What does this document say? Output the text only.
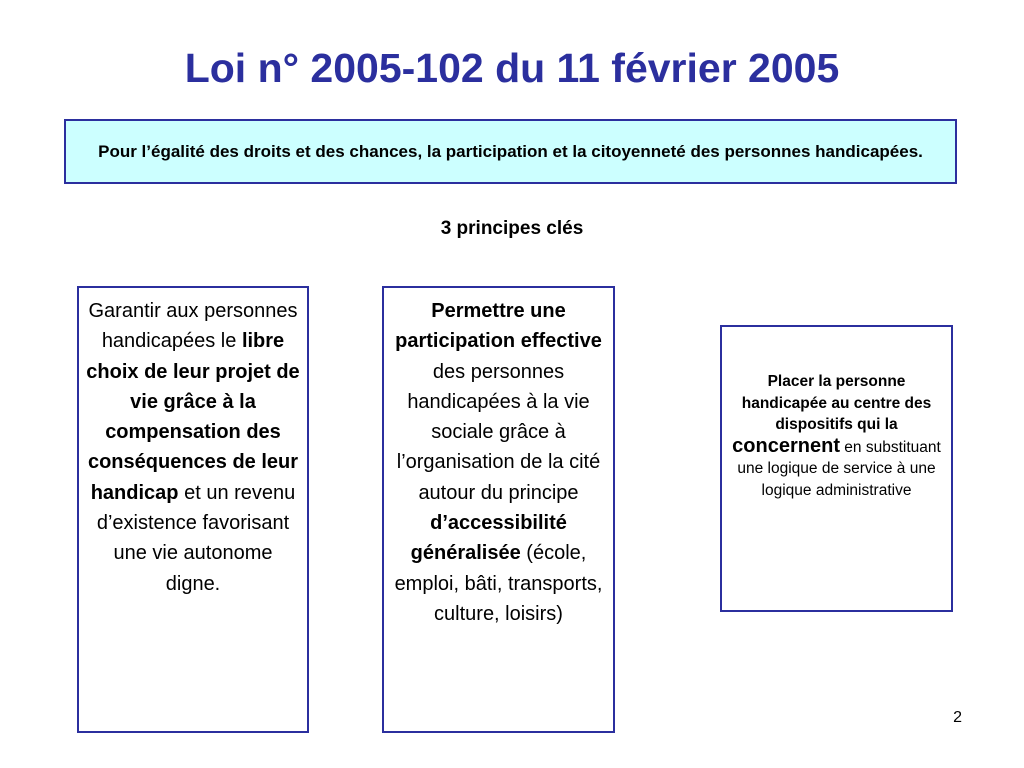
Loi n° 2005-102 du 11 février 2005
Pour l’égalité des droits et des chances, la participation et la citoyenneté des personnes handicapées.
3 principes clés
Garantir aux personnes handicapées le libre choix de leur projet de vie grâce à la compensation des conséquences de leur handicap et un revenu d’existence favorisant une vie autonome digne.
Permettre une participation effective des personnes handicapées à la vie sociale grâce à l’organisation de la cité autour du principe d’accessibilité généralisée (école, emploi, bâti, transports, culture, loisirs)
Placer la personne handicapée au centre des dispositifs qui la concernent en substituant une logique de service à une logique administrative
2
